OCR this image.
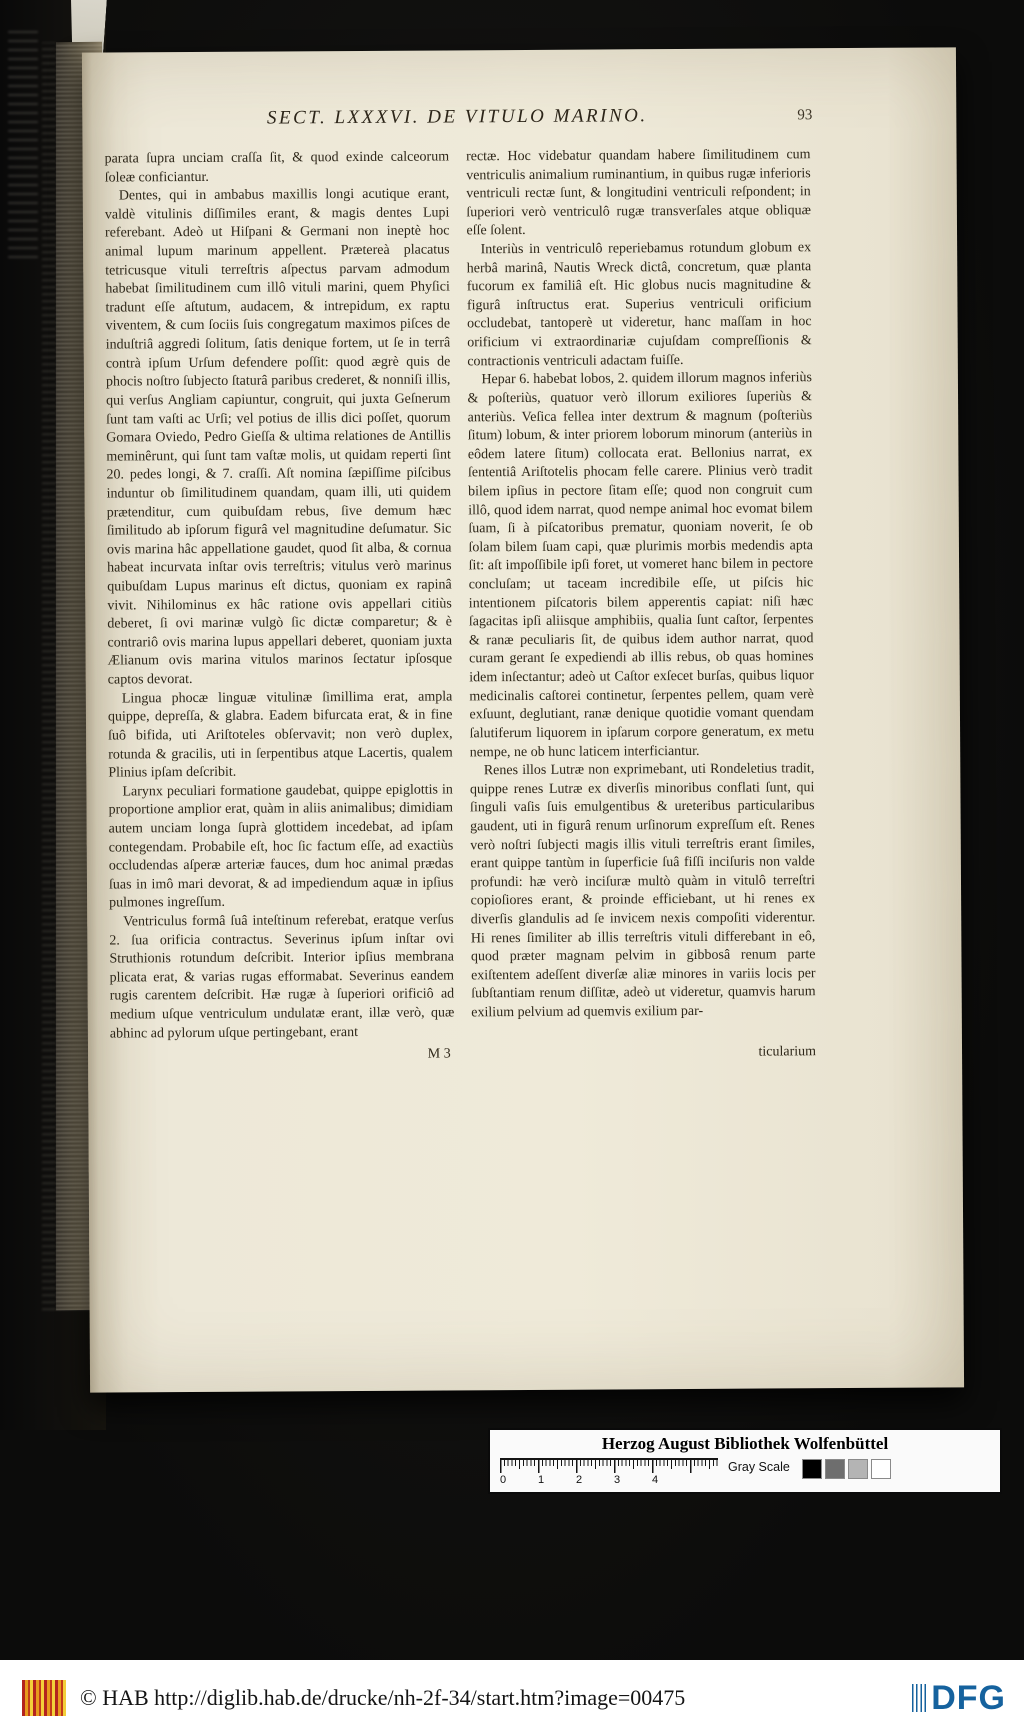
SECT. LXXXVI. DE VITULO MARINO.	93

parata ſupra unciam craſſa ſit, & quod exinde calceorum ſoleæ conficiantur.

Dentes, qui in ambabus maxillis longi acutique erant, valdè vitulinis diſſimiles erant, & magis dentes Lupi referebant. Adeò ut Hiſpani & Germani non ineptè hoc animal lupum marinum appellent. Prætereà placatus tetricusque vituli terreſtris aſpectus parvam admodum habebat ſimilitudinem cum illô vituli marini, quem Phyſici tradunt eſſe aſtutum, audacem, & intrepidum, ex raptu viventem, & cum ſociis ſuis congregatum maximos piſces de induſtriâ aggredi ſolitum, ſatis denique fortem, ut ſe in terrâ contrà ipſum Urſum defendere poſſit: quod ægrè quis de phocis noſtro ſubjecto ſtaturâ paribus crederet, & nonniſi illis, qui verſus Angliam capiuntur, congruit, qui juxta Geſnerum ſunt tam vaſti ac Urſi; vel potius de illis dici poſſet, quorum Gomara Oviedo, Pedro Gieſſa & ultima relationes de Antillis meminêrunt, qui ſunt tam vaſtæ molis, ut quidam reperti ſint 20. pedes longi, & 7. craſſi. Aſt nomina ſæpiſſime piſcibus induntur ob ſimilitudinem quandam, quam illi, uti quidem prætenditur, cum quibuſdam rebus, ſive demum hæc ſimilitudo ab ipſorum figurâ vel magnitudine deſumatur. Sic ovis marina hâc appellatione gaudet, quod ſit alba, & cornua habeat incurvata inſtar ovis terreſtris; vitulus verò marinus quibuſdam Lupus marinus eſt dictus, quoniam ex rapinâ vivit. Nihilominus ex hâc ratione ovis appellari citiùs deberet, ſi ovi marinæ vulgò ſic dictæ comparetur; & è contrariô ovis marina lupus appellari deberet, quoniam juxta Ælianum ovis marina vitulos marinos ſectatur ipſosque captos devorat.

Lingua phocæ linguæ vitulinæ ſimillima erat, ampla quippe, depreſſa, & glabra. Eadem bifurcata erat, & in fine ſuô bifida, uti Ariſtoteles obſervavit; non verò duplex, rotunda & gracilis, uti in ſerpentibus atque Lacertis, qualem Plinius ipſam deſcribit.

Larynx peculiari formatione gaudebat, quippe epiglottis in proportione amplior erat, quàm in aliis animalibus; dimidiam autem unciam longa ſuprà glottidem incedebat, ad ipſam contegendam. Probabile eſt, hoc ſic factum eſſe, ad exactiùs occludendas aſperæ arteriæ fauces, dum hoc animal prædas ſuas in imô mari devorat, & ad impediendum aquæ in ipſius pulmones ingreſſum.

Ventriculus formâ ſuâ inteſtinum referebat, eratque verſus 2. ſua orificia contractus. Severinus ipſum inſtar ovi Struthionis rotundum deſcribit. Interior ipſius membrana plicata erat, & varias rugas efformabat. Severinus eandem rugis carentem deſcribit. Hæ rugæ à ſuperiori orificiô ad medium uſque ventriculum undulatæ erant, illæ verò, quæ abhinc ad pylorum uſque pertingebant, erant

rectæ. Hoc videbatur quandam habere ſimilitudinem cum ventriculis animalium ruminantium, in quibus rugæ inferioris ventriculi rectæ ſunt, & longitudini ventriculi reſpondent; in ſuperiori verò ventriculô rugæ transverſales atque obliquæ eſſe ſolent.

Interiùs in ventriculô reperiebamus rotundum globum ex herbâ marinâ, Nautis Wreck dictâ, concretum, quæ planta fucorum ex familiâ eſt. Hic globus nucis magnitudine & figurâ inſtructus erat. Superius ventriculi orificium occludebat, tantoperè ut videretur, hanc maſſam in hoc orificium vi extraordinariæ cujuſdam compreſſionis & contractionis ventriculi adactam fuiſſe.

Hepar 6. habebat lobos, 2. quidem illorum magnos inferiùs & poſteriùs, quatuor verò illorum exiliores ſuperiùs & anteriùs. Veſica fellea inter dextrum & magnum (poſteriùs ſitum) lobum, & inter priorem loborum minorum (anteriùs in eôdem latere ſitum) collocata erat. Bellonius narrat, ex ſententiâ Ariſtotelis phocam felle carere. Plinius verò tradit bilem ipſius in pectore ſitam eſſe; quod non congruit cum illô, quod idem narrat, quod nempe animal hoc evomat bilem ſuam, ſi à piſcatoribus prematur, quoniam noverit, ſe ob ſolam bilem ſuam capi, quæ plurimis morbis medendis apta ſit: aſt impoſſibile ipſi foret, ut vomeret hanc bilem in pectore concluſam; ut taceam incredibile eſſe, ut piſcis hic intentionem piſcatoris bilem apperentis capiat: niſi hæc ſagacitas ipſi aliisque amphibiis, qualia ſunt caſtor, ſerpentes & ranæ peculiaris ſit, de quibus idem author narrat, quod curam gerant ſe expediendi ab illis rebus, ob quas homines idem inſectantur; adeò ut Caſtor exſecet burſas, quibus liquor medicinalis caſtorei continetur, ſerpentes pellem, quam verè exſuunt, deglutiant, ranæ denique quotidie vomant quendam ſalutiferum liquorem in ipſarum corpore generatum, ex metu nempe, ne ob hunc laticem interficiantur.

Renes illos Lutræ non exprimebant, uti Rondeletius tradit, quippe renes Lutræ ex diverſis minoribus conflati ſunt, qui ſinguli vaſis ſuis emulgentibus & ureteribus particularibus gaudent, uti in figurâ renum urſinorum expreſſum eſt. Renes verò noſtri ſubjecti magis illis vituli terreſtris erant ſimiles, erant quippe tantùm in ſuperficie ſuâ fiſſi inciſuris non valde profundi: hæ verò inciſuræ multò quàm in vitulô terreſtri copioſiores erant, & proinde efficiebant, ut hi renes ex diverſis glandulis ad ſe invicem nexis compoſiti viderentur. Hi renes ſimiliter ab illis terreſtris vituli differebant in eô, quod præter magnam pelvim in gibbosâ renum parte exiſtentem adeſſent diverſæ aliæ minores in variis locis per ſubſtantiam renum diſſitæ, adeò ut videretur, quamvis harum exilium pelvium ad quemvis exilium par-

M 3	ticularium
Herzog August Bibliothek Wolfenbüttel
0	1	2	3	4
Gray Scale
© HAB http://diglib.hab.de/drucke/nh-2f-34/start.htm?image=00475	DFG
